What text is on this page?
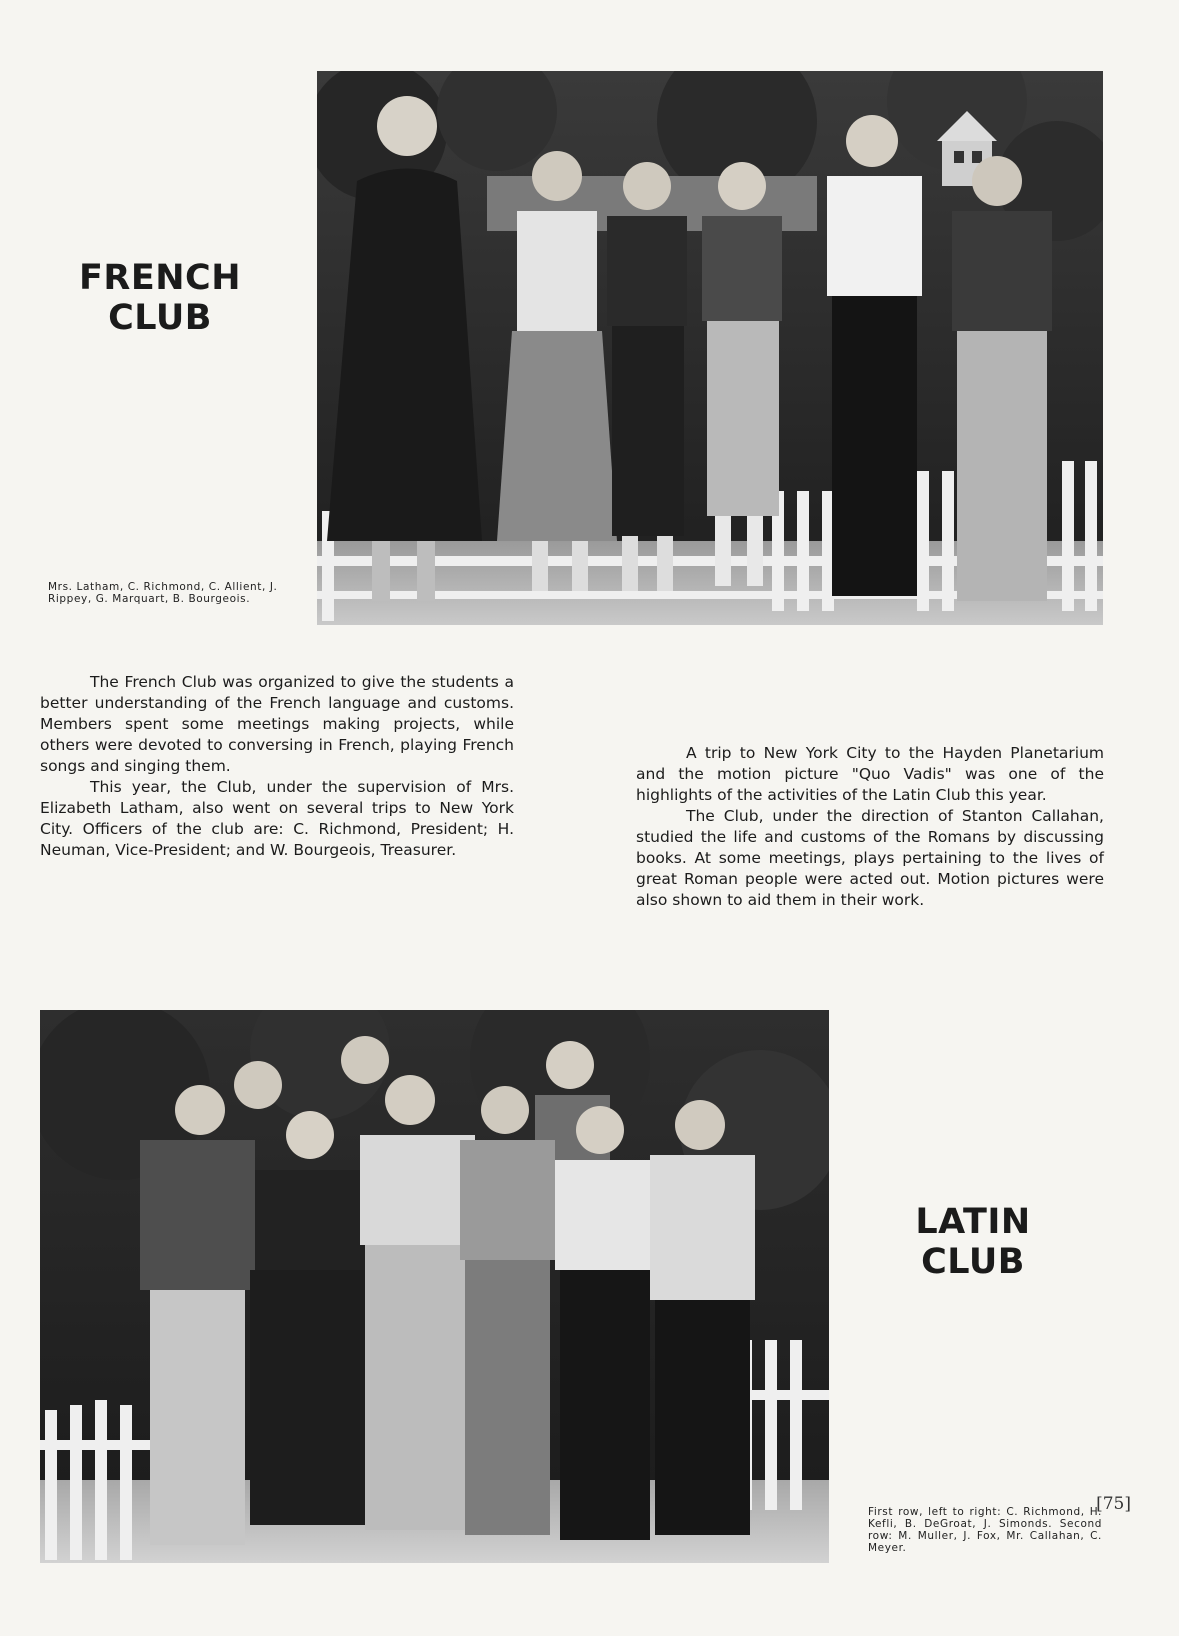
FRENCH
CLUB

Mrs. Latham, C. Richmond, C. Allient, J. Rippey, G. Marquart, B. Bourgeois.

The French Club was organized to give the students a better understanding of the French language and customs. Members spent some meetings making projects, while others were devoted to conversing in French, playing French songs and singing them.

This year, the Club, under the supervision of Mrs. Elizabeth Latham, also went on several trips to New York City. Officers of the club are: C. Richmond, President; H. Neuman, Vice-President; and W. Bourgeois, Treasurer.

A trip to New York City to the Hayden Planetarium and the motion picture "Quo Vadis" was one of the highlights of the activities of the Latin Club this year.

The Club, under the direction of Stanton Callahan, studied the life and customs of the Romans by discussing books. At some meetings, plays pertaining to the lives of great Roman people were acted out. Motion pictures were also shown to aid them in their work.

LATIN
CLUB

First row, left to right: C. Richmond, H. Kefli, B. DeGroat, J. Simonds. Second row: M. Muller, J. Fox, Mr. Callahan, C. Meyer.

[75]
